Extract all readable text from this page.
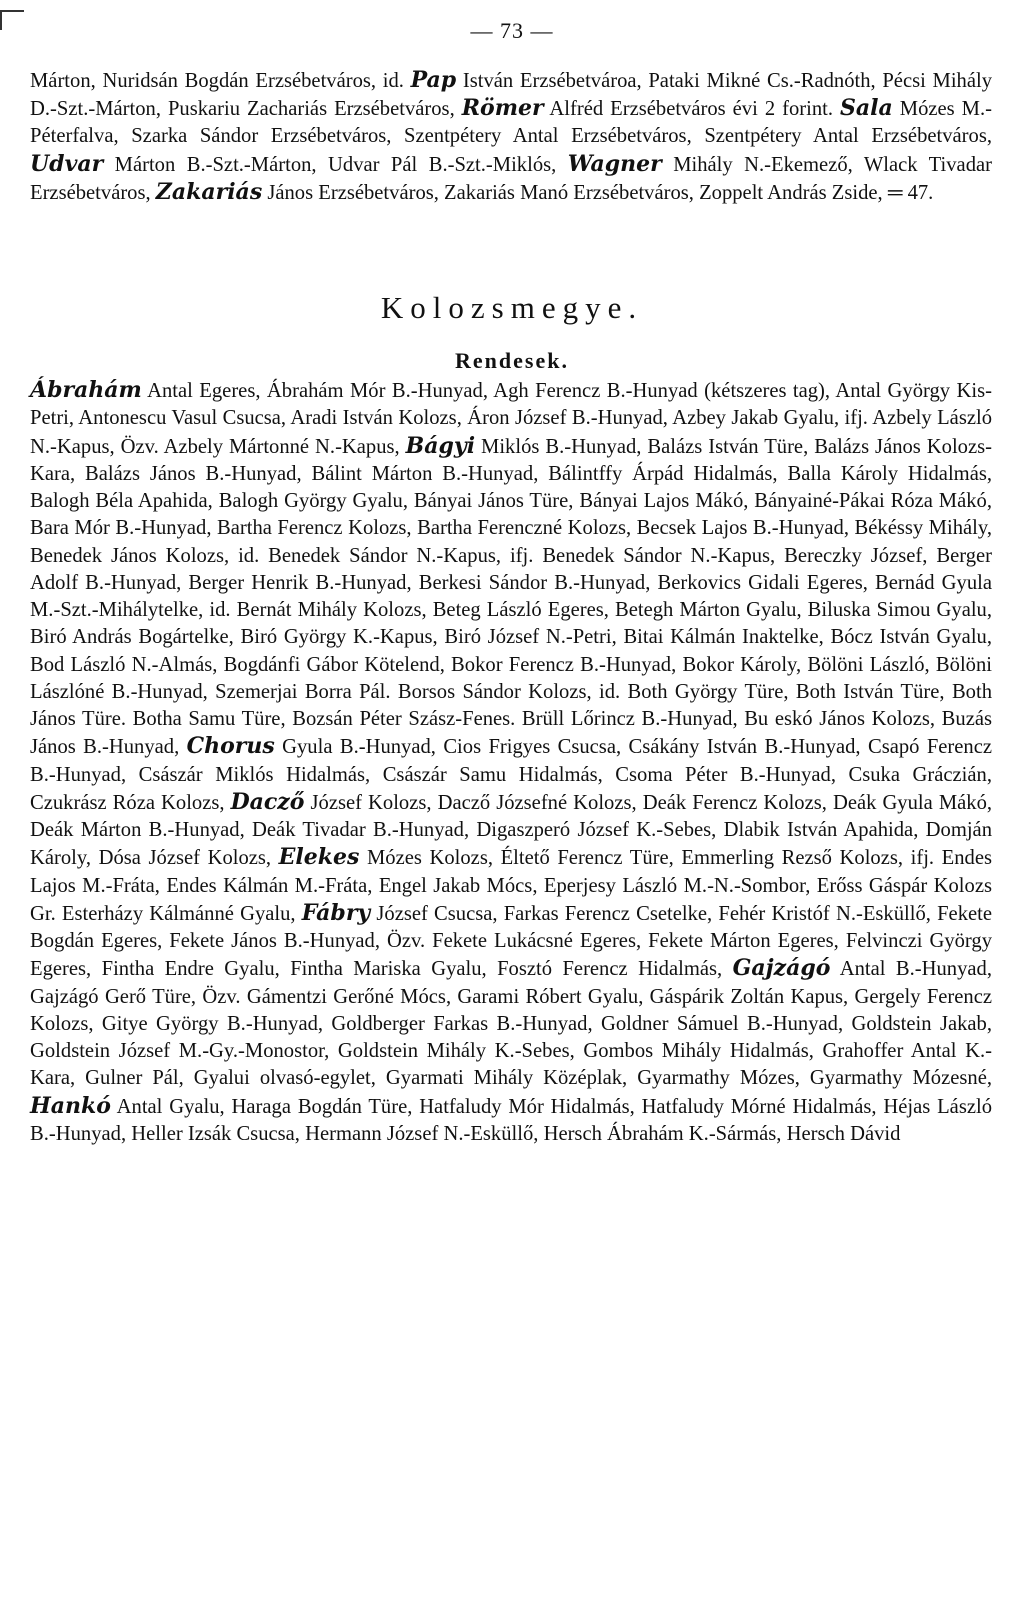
— 73 —

Márton, Nuridsán Bogdán Erzsébetváros, id. Pap István Erzsébetvároa, Pataki Mikné Cs.-Radnóth, Pécsi Mihály D.-Szt.-Márton, Puskariu Zachariás Erzsébetváros, Römer Alfréd Erzsébetváros évi 2 forint. Sala Mózes M.-Péterfalva, Szarka Sándor Erzsébetváros, Szentpétery Antal Erzsébetváros, Szentpétery Antal Erzsébetváros, Udvar Márton B.-Szt.-Márton, Udvar Pál B.-Szt.-Miklós, Wagner Mihály N.-Ekemező, Wlack Tivadar Erzsébetváros, Zakariás János Erzsébetváros, Zakariás Manó Erzsébetváros, Zoppelt András Zside, ═ 47.

Kolozsmegye.
Rendesek.

Ábrahám Antal Egeres, Ábrahám Mór B.-Hunyad, Agh Ferencz B.-Hunyad (kétszeres tag), Antal György Kis-Petri, Antonescu Vasul Csucsa, Aradi István Kolozs, Áron József B.-Hunyad, Azbey Jakab Gyalu, ifj. Azbely László N.-Kapus, Özv. Azbely Mártonné N.-Kapus, Bágyi Miklós B.-Hunyad, Balázs István Türe, Balázs János Kolozs-Kara, Balázs János B.-Hunyad, Bálint Márton B.-Hunyad, Bálintffy Árpád Hidalmás, Balla Károly Hidalmás, Balogh Béla Apahida, Balogh György Gyalu, Bányai János Türe, Bányai Lajos Mákó, Bányainé-Pákai Róza Mákó, Bara Mór B.-Hunyad, Bartha Ferencz Kolozs, Bartha Ferenczné Kolozs, Becsek Lajos B.-Hunyad, Békéssy Mihály, Benedek János Kolozs, id. Benedek Sándor N.-Kapus, ifj. Benedek Sándor N.-Kapus, Bereczky József, Berger Adolf B.-Hunyad, Berger Henrik B.-Hunyad, Berkesi Sándor B.-Hunyad, Berkovics Gidali Egeres, Bernád Gyula M.-Szt.-Mihálytelke, id. Bernát Mihály Kolozs, Beteg László Egeres, Betegh Márton Gyalu, Biluska Simou Gyalu, Biró András Bogártelke, Biró György K.-Kapus, Biró József N.-Petri, Bitai Kálmán Inaktelke, Bócz István Gyalu, Bod László N.-Almás, Bogdánfi Gábor Kötelend, Bokor Ferencz B.-Hunyad, Bokor Károly, Bölöni László, Bölöni Lászlóné B.-Hunyad, Szemerjai Borra Pál. Borsos Sándor Kolozs, id. Both György Türe, Both István Türe, Both János Türe. Botha Samu Türe, Bozsán Péter Szász-Fenes. Brüll Lőrincz B.-Hunyad, Bu eskó János Kolozs, Buzás János B.-Hunyad, Chorus Gyula B.-Hunyad, Cios Frigyes Csucsa, Csákány István B.-Hunyad, Csapó Ferencz B.-Hunyad, Császár Miklós Hidalmás, Császár Samu Hidalmás, Csoma Péter B.-Hunyad, Csuka Gráczián, Czukrász Róza Kolozs, Dacző József Kolozs, Dacző Józsefné Kolozs, Deák Ferencz Kolozs, Deák Gyula Mákó, Deák Márton B.-Hunyad, Deák Tivadar B.-Hunyad, Digaszperó József K.-Sebes, Dlabik István Apahida, Domján Károly, Dósa József Kolozs, Elekes Mózes Kolozs, Éltető Ferencz Türe, Emmerling Rezső Kolozs, ifj. Endes Lajos M.-Fráta, Endes Kálmán M.-Fráta, Engel Jakab Mócs, Eperjesy László M.-N.-Sombor, Erőss Gáspár Kolozs Gr. Esterházy Kálmánné Gyalu, Fábry József Csucsa, Farkas Ferencz Csetelke, Fehér Kristóf N.-Esküllő, Fekete Bogdán Egeres, Fekete János B.-Hunyad, Özv. Fekete Lukácsné Egeres, Fekete Márton Egeres, Felvinczi György Egeres, Fintha Endre Gyalu, Fintha Mariska Gyalu, Fosztó Ferencz Hidalmás, Gajzágó Antal B.-Hunyad, Gajzágó Gerő Türe, Özv. Gámentzi Gerőné Mócs, Garami Róbert Gyalu, Gáspárik Zoltán Kapus, Gergely Ferencz Kolozs, Gitye György B.-Hunyad, Goldberger Farkas B.-Hunyad, Goldner Sámuel B.-Hunyad, Goldstein Jakab, Goldstein József M.-Gy.-Monostor, Goldstein Mihály K.-Sebes, Gombos Mihály Hidalmás, Grahoffer Antal K.-Kara, Gulner Pál, Gyalui olvasó-egylet, Gyarmati Mihály Középlak, Gyarmathy Mózes, Gyarmathy Mózesné, Hankó Antal Gyalu, Haraga Bogdán Türe, Hatfaludy Mór Hidalmás, Hatfaludy Mórné Hidalmás, Héjas László B.-Hunyad, Heller Izsák Csucsa, Hermann József N.-Esküllő, Hersch Ábrahám K.-Sármás, Hersch Dávid
